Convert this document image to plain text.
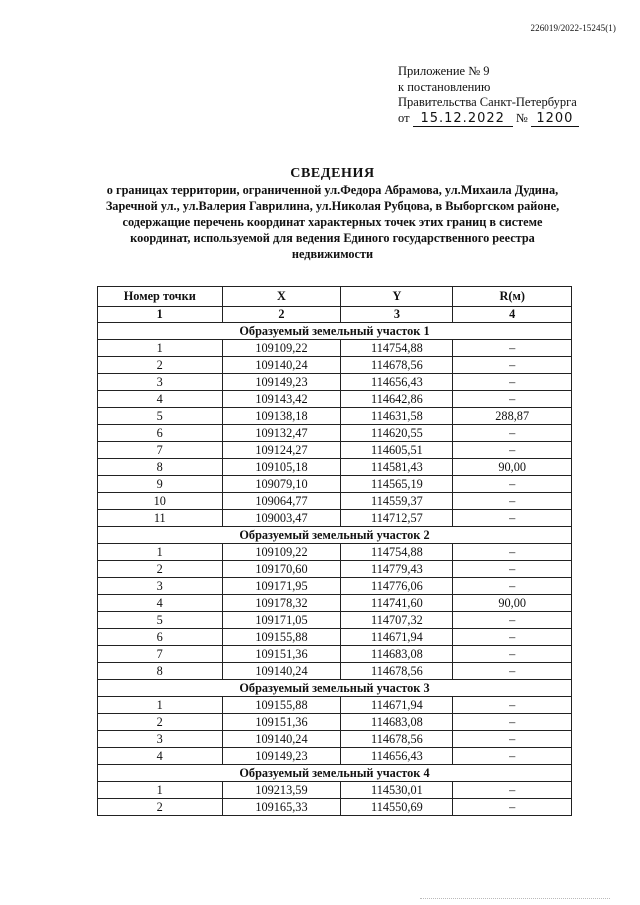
226019/2022-15245(1)
Приложение № 9
к постановлению
Правительства Санкт-Петербурга
от 15.12.2022 № 1200
СВЕДЕНИЯ
о границах территории, ограниченной ул.Федора Абрамова, ул.Михаила Дудина,
Заречной ул., ул.Валерия Гаврилина, ул.Николая Рубцова, в Выборгском районе,
содержащие перечень координат характерных точек этих границ в системе
координат, используемой для ведения Единого государственного реестра
недвижимости
Номер точки	X	Y	R(м)
1	2	3	4
Образуемый земельный участок 1			
1	109109,22	114754,88	–
2	109140,24	114678,56	–
3	109149,23	114656,43	–
4	109143,42	114642,86	–
5	109138,18	114631,58	288,87
6	109132,47	114620,55	–
7	109124,27	114605,51	–
8	109105,18	114581,43	90,00
9	109079,10	114565,19	–
10	109064,77	114559,37	–
11	109003,47	114712,57	–
Образуемый земельный участок 2			
1	109109,22	114754,88	–
2	109170,60	114779,43	–
3	109171,95	114776,06	–
4	109178,32	114741,60	90,00
5	109171,05	114707,32	–
6	109155,88	114671,94	–
7	109151,36	114683,08	–
8	109140,24	114678,56	–
Образуемый земельный участок 3			
1	109155,88	114671,94	–
2	109151,36	114683,08	–
3	109140,24	114678,56	–
4	109149,23	114656,43	–
Образуемый земельный участок 4			
1	109213,59	114530,01	–
2	109165,33	114550,69	–
